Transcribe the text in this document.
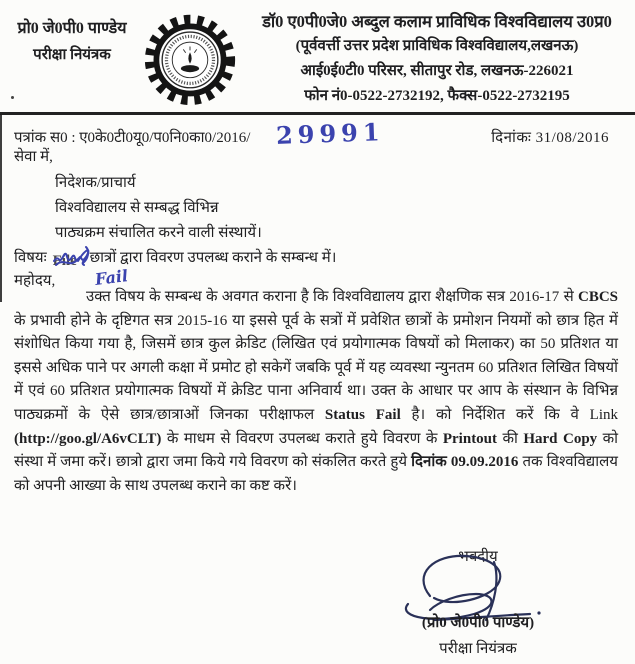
प्रो0 जे0पी0 पाण्डेय
परीक्षा नियंत्रक
डॉ0 ए0पी0जे0 अब्दुल कलाम प्राविधिक विश्वविद्यालय उ0प्र0
(पूर्ववर्त्ती उत्तर प्रदेश प्राविधिक विश्वविद्यालय,लखनऊ)
आई0ई0टी0 परिसर, सीतापुर रोड, लखनऊ-226021
फोन नं0-0522-2732192, फैक्स-0522-2732195
पत्रांक स0 : ए0के0टी0यू0/प0नि0का0/2016/ 29991	दिनांकः 31/08/2016
सेवा में,
निदेशक/प्राचार्य
विश्वविद्यालय से सम्बद्ध विभिन्न
पाठ्यक्रम संचालित करने वाली संस्थायें।
विषयः File
Fail
छात्रों द्वारा विवरण उपलब्ध कराने के सम्बन्ध में।
महोदय,
उक्त विषय के सम्बन्ध के अवगत कराना है कि विश्वविद्यालय द्वारा शैक्षणिक सत्र 2016-17 से CBCS के प्रभावी होने के दृष्टिगत सत्र 2015-16 या इससे पूर्व के सत्रों में प्रवेशित छात्रों के प्रमोशन नियमों को छात्र हित में संशोधित किया गया है, जिसमें छात्र कुल क्रेडिट (लिखित एवं प्रयोगात्मक विषयों को मिलाकर) का 50 प्रतिशत या इससे अधिक पाने पर अगली कक्षा में प्रमोट हो सकेगें जबकि पूर्व में यह व्यवस्था न्युनतम 60 प्रतिशत लिखित विषयों में एवं 60 प्रतिशत प्रयोगात्मक विषयों में क्रेडिट पाना अनिवार्य था। उक्त के आधार पर आप के संस्थान के विभिन्न पाठ्यक्रमों के ऐसे छात्र/छात्राओं जिनका परीक्षाफल Status Fail है। को निर्देशित करें कि वे Link (http://goo.gl/A6vCLT) के माधम से विवरण उपलब्ध कराते हुये विवरण के Printout की Hard Copy को संस्था में जमा करें। छात्रो द्वारा जमा किये गये विवरण को संकलित करते हुये दिनांक 09.09.2016 तक विश्वविद्यालय को अपनी आख्या के साथ उपलब्ध कराने का कष्ट करें।
भवदीय
(प्रो0 जे0पी0 पाण्डेय)
परीक्षा नियंत्रक
